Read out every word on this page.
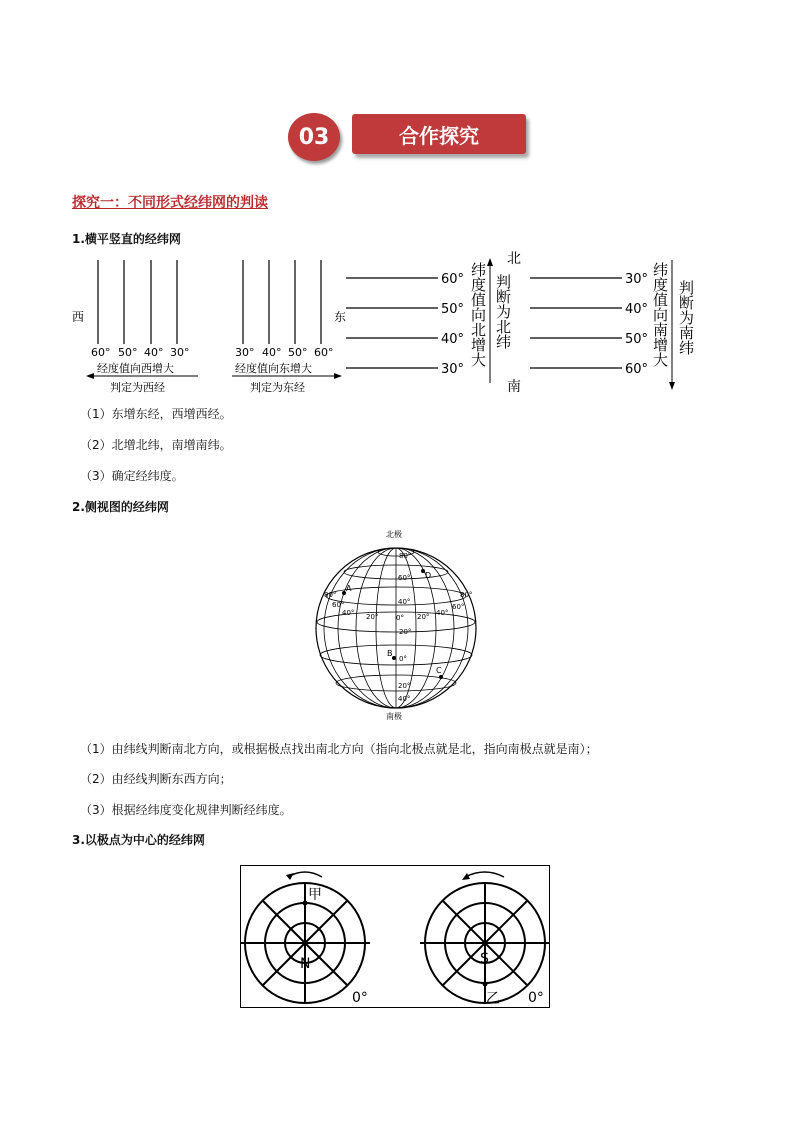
03	合作探究
探究一：不同形式经纬网的判读
1.横平竖直的经纬网
西
60° 50° 40° 30°
经度值向西增大
判定为西经
东
30° 40° 50° 60°
经度值向东增大
判定为东经
60°
50°
40°
30°
北
南
纬度值向北增大 判断为北纬	30°
40°
50°
60°
纬度值向南增大 判断为南纬
（1）东增东经，西增西经。
（2）北增北纬，南增南纬。
（3）确定经纬度。
2.侧视图的经纬网
北极
南极
80°
60°
40°
20°
0°
20°
40°
80°
60°
40° 20°	0° 20° 40°
60°
80°
A
B
C
D
（1）由纬线判断南北方向，或根据极点找出南北方向（指向北极点就是北，指向南极点就是南）；
（2）由经线判断东西方向；
（3）根据经纬度变化规律判断经纬度。
3.以极点为中心的经纬网
甲
N
0°	乙
S
0°
